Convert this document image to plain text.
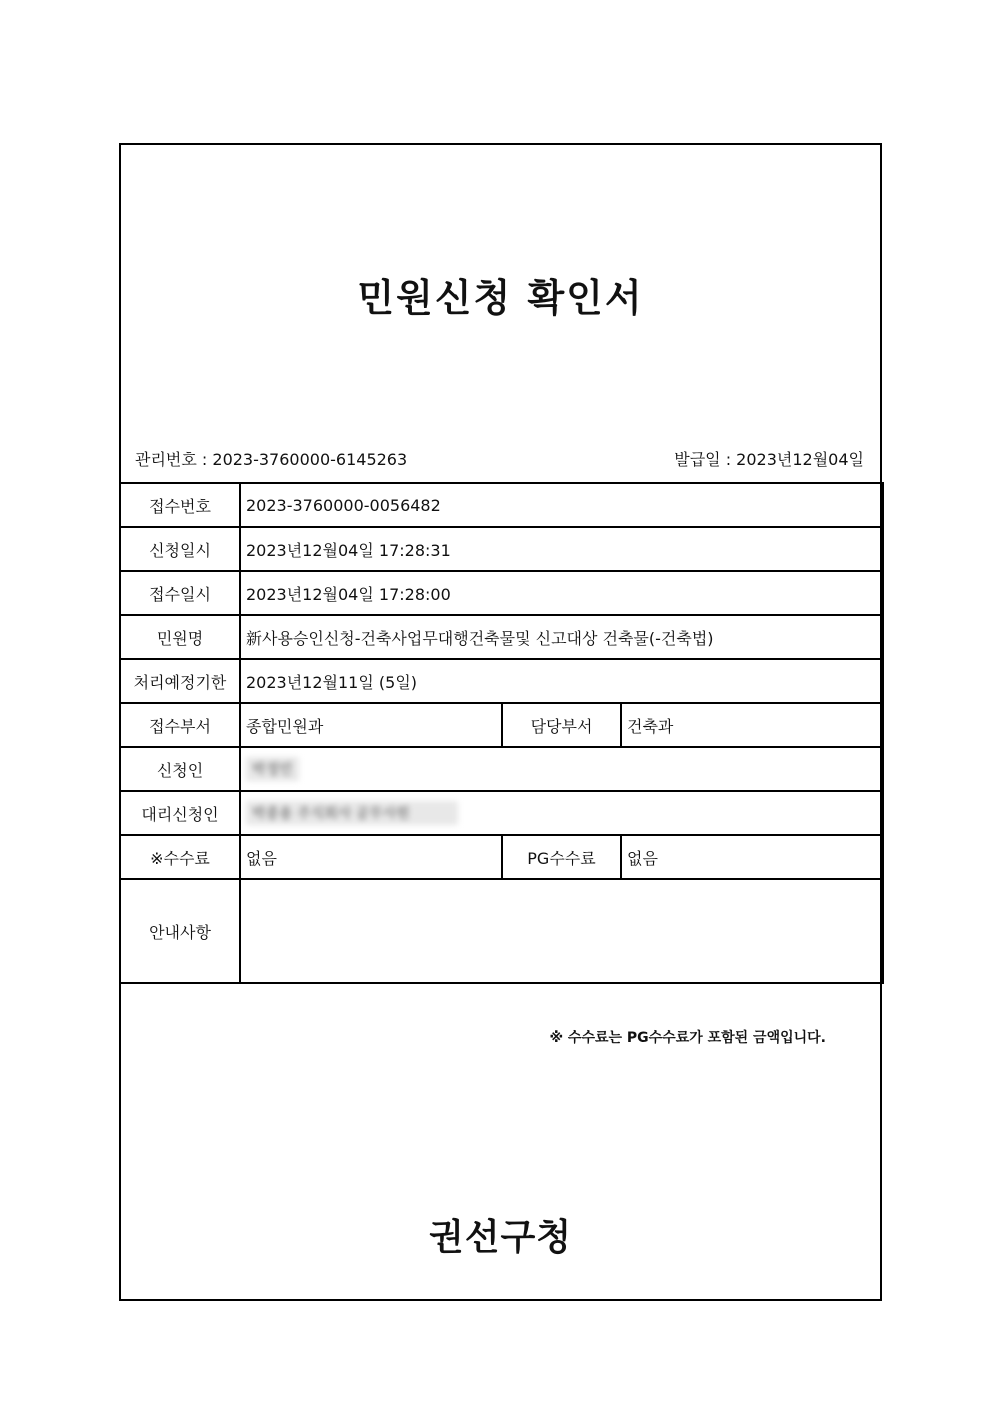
민원신청 확인서
관리번호 : 2023-3760000-6145263	발급일 : 2023년12월04일
접수번호	2023-3760000-0056482		
신청일시	2023년12월04일 17:28:31		
접수일시	2023년12월04일 17:28:00		
민원명	新사용승인신청-건축사업무대행건축물및 신고대상 건축물(-건축법)		
처리예정기한	2023년12월11일 (5일)		
접수부서	종합민원과	담당부서	건축과
신청인	박정민		
대리신청인	박종용 주식회사 공무사원		
※수수료	없음	PG수수료	없음
안내사항			
※ 수수료는 PG수수료가 포함된 금액입니다.
권선구청
